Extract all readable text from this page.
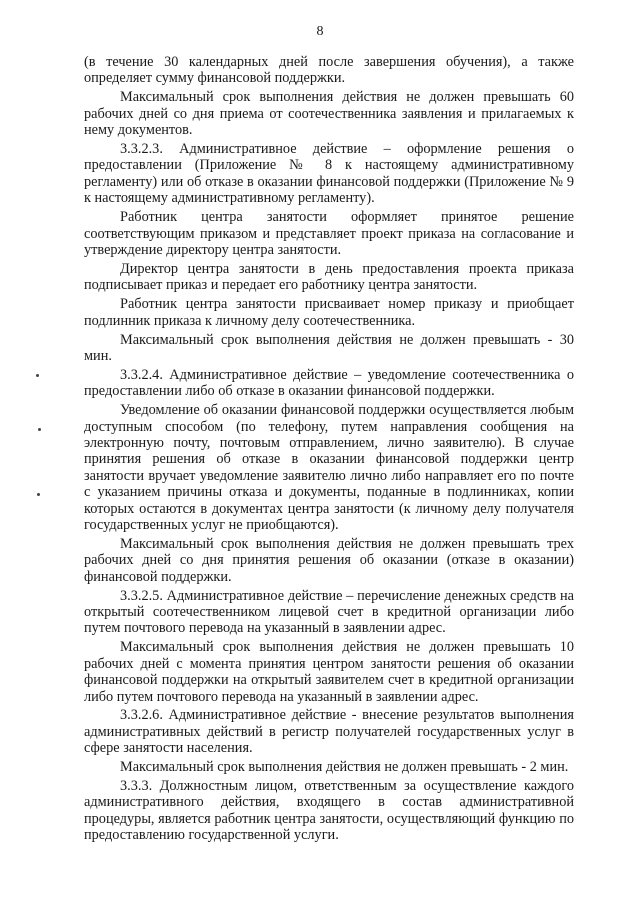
8

(в течение 30 календарных дней после завершения обучения), а также определяет сумму финансовой поддержки.

Максимальный срок выполнения действия не должен превышать 60 рабочих дней со дня приема от соотечественника заявления и прилагаемых к нему документов.

3.3.2.3. Административное действие – оформление решения о предоставлении (Приложение № 8 к настоящему административному регламенту) или об отказе в оказании финансовой поддержки (Приложение № 9 к настоящему административному регламенту).

Работник центра занятости оформляет принятое решение соответствующим приказом и представляет проект приказа на согласование и утверждение директору центра занятости.

Директор центра занятости в день предоставления проекта приказа подписывает приказ и передает его работнику центра занятости.

Работник центра занятости присваивает номер приказу и приобщает подлинник приказа к личному делу соотечественника.

Максимальный срок выполнения действия не должен превышать - 30 мин.

3.3.2.4. Административное действие – уведомление соотечественника о предоставлении либо об отказе в оказании финансовой поддержки.

Уведомление об оказании финансовой поддержки осуществляется любым доступным способом (по телефону, путем направления сообщения на электронную почту, почтовым отправлением, лично заявителю). В случае принятия решения об отказе в оказании финансовой поддержки центр занятости вручает уведомление заявителю лично либо направляет его по почте с указанием причины отказа и документы, поданные в подлинниках, копии которых остаются в документах центра занятости (к личному делу получателя государственных услуг не приобщаются).

Максимальный срок выполнения действия не должен превышать трех рабочих дней со дня принятия решения об оказании (отказе в оказании) финансовой поддержки.

3.3.2.5. Административное действие – перечисление денежных средств на открытый соотечественником лицевой счет в кредитной организации либо путем почтового перевода на указанный в заявлении адрес.

Максимальный срок выполнения действия не должен превышать 10 рабочих дней с момента принятия центром занятости решения об оказании финансовой поддержки на открытый заявителем счет в кредитной организации либо путем почтового перевода на указанный в заявлении адрес.

3.3.2.6. Административное действие - внесение результатов выполнения административных действий в регистр получателей государственных услуг в сфере занятости населения.

Максимальный срок выполнения действия не должен превышать - 2 мин.

3.3.3. Должностным лицом, ответственным за осуществление каждого административного действия, входящего в состав административной процедуры, является работник центра занятости, осуществляющий функцию по предоставлению государственной услуги.
